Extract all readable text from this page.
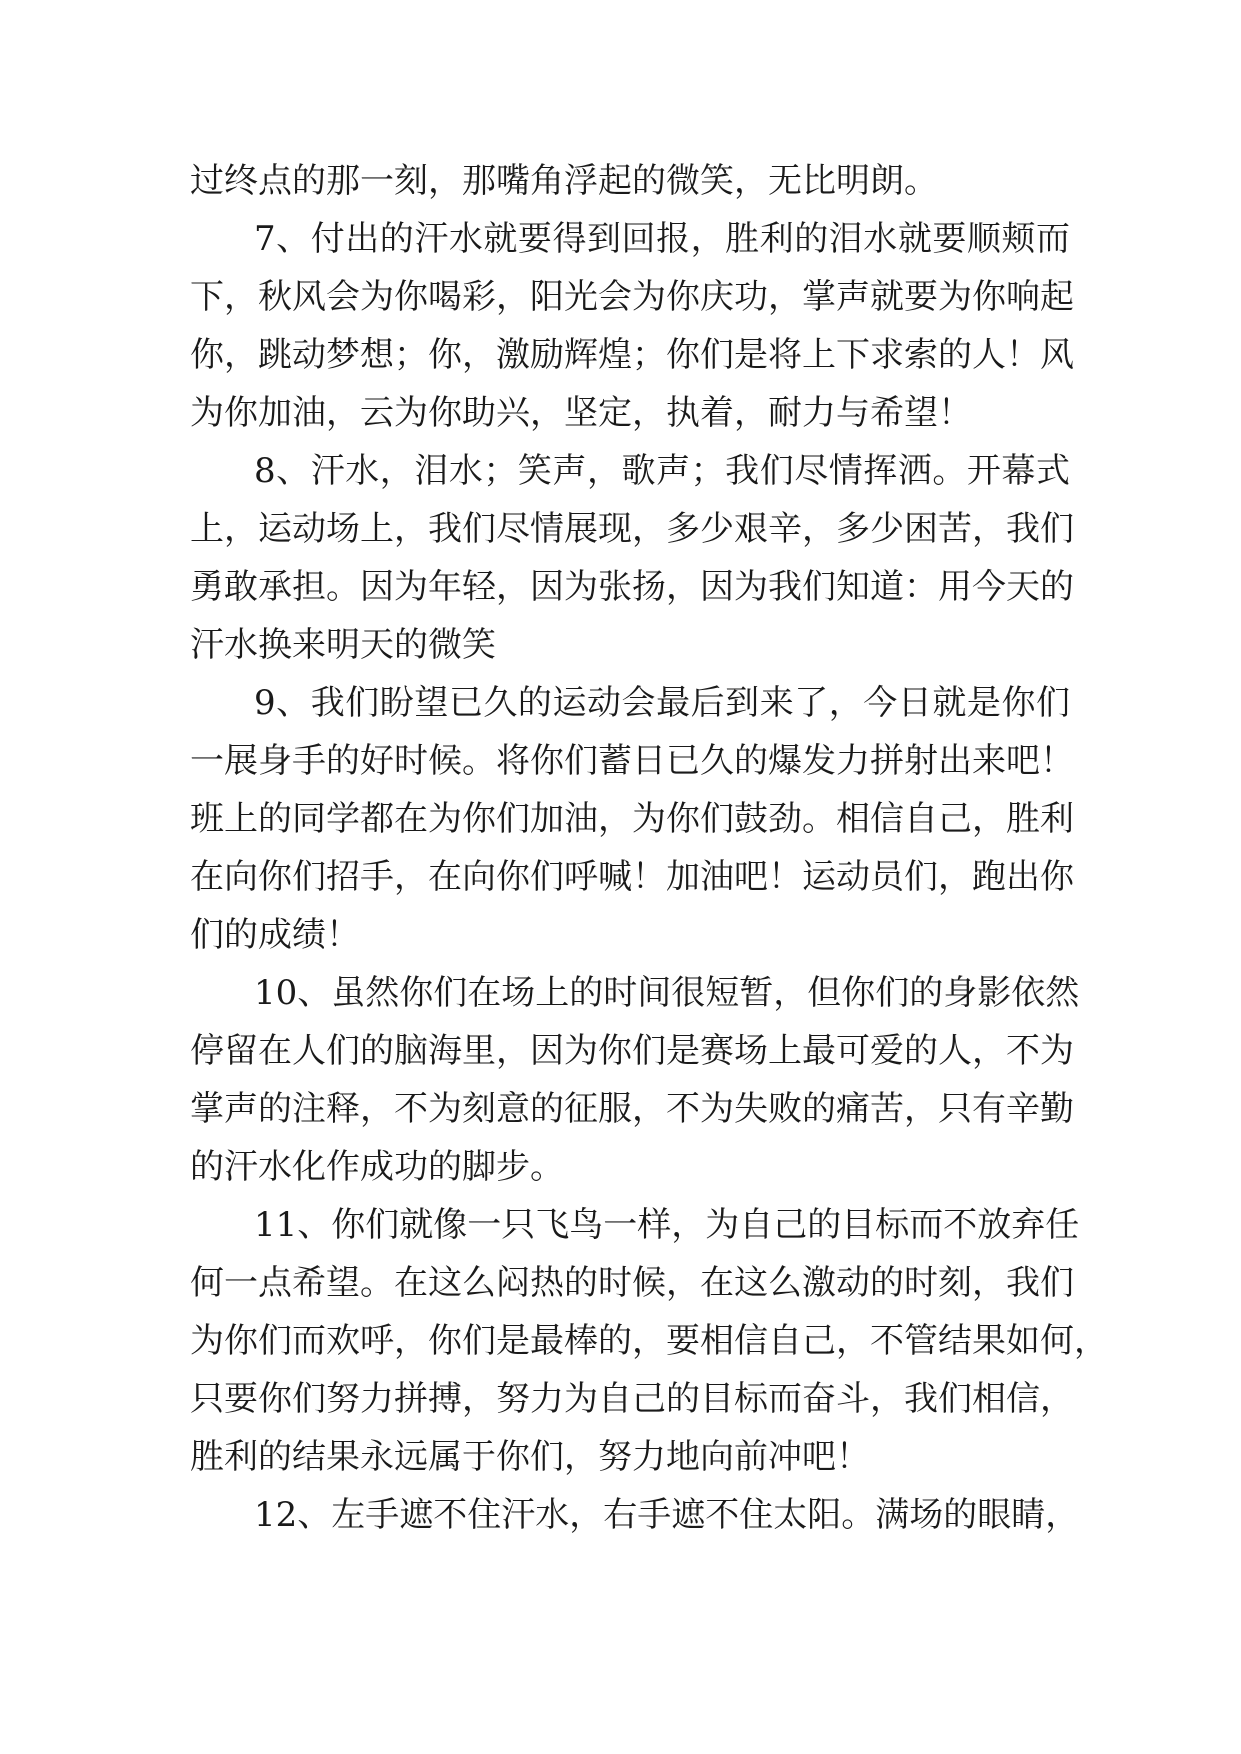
过终点的那一刻，那嘴角浮起的微笑，无比明朗。
7、付出的汗水就要得到回报，胜利的泪水就要顺颊而
下，秋风会为你喝彩，阳光会为你庆功，掌声就要为你响起
你，跳动梦想；你，激励辉煌；你们是将上下求索的人！风
为你加油，云为你助兴，坚定，执着，耐力与希望！
8、汗水，泪水；笑声，歌声；我们尽情挥洒。开幕式
上，运动场上，我们尽情展现，多少艰辛，多少困苦，我们
勇敢承担。因为年轻，因为张扬，因为我们知道：用今天的
汗水换来明天的微笑
9、我们盼望已久的运动会最后到来了，今日就是你们
一展身手的好时候。将你们蓄日已久的爆发力拼射出来吧！
班上的同学都在为你们加油，为你们鼓劲。相信自己，胜利
在向你们招手，在向你们呼喊！加油吧！运动员们，跑出你
们的成绩！
10、虽然你们在场上的时间很短暂，但你们的身影依然
停留在人们的脑海里，因为你们是赛场上最可爱的人，不为
掌声的注释，不为刻意的征服，不为失败的痛苦，只有辛勤
的汗水化作成功的脚步。
11、你们就像一只飞鸟一样，为自己的目标而不放弃任
何一点希望。在这么闷热的时候，在这么激动的时刻，我们
为你们而欢呼，你们是最棒的，要相信自己，不管结果如何，
只要你们努力拼搏，努力为自己的目标而奋斗，我们相信，
胜利的结果永远属于你们，努力地向前冲吧！
12、左手遮不住汗水，右手遮不住太阳。满场的眼睛，
